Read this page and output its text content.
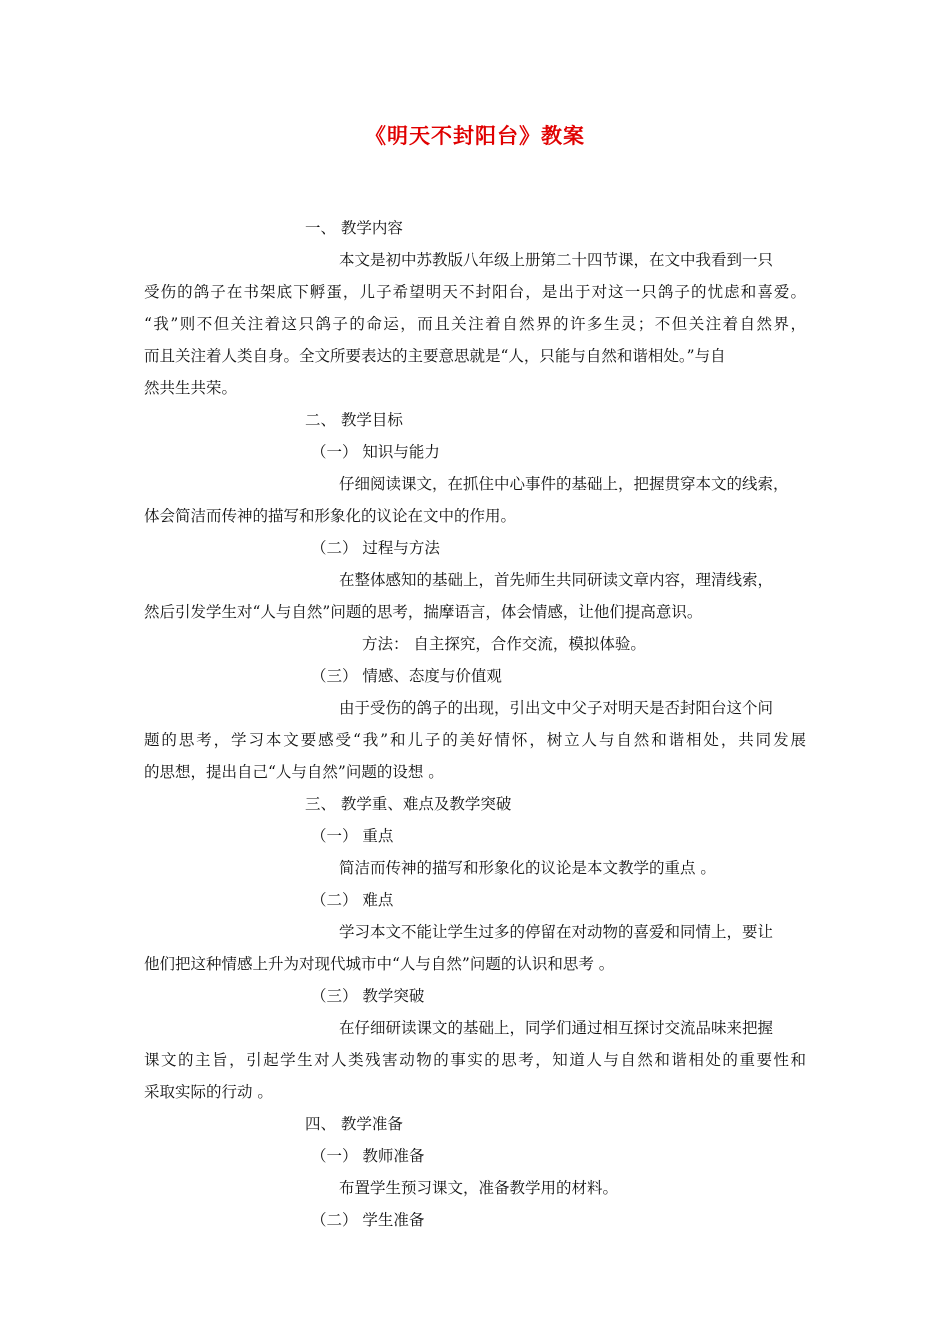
《明天不封阳台》教案
一、 教学内容
本文是初中苏教版八年级上册第二十四节课，在文中我看到一只
受伤的鸽子在书架底下孵蛋，儿子希望明天不封阳台，是出于对这一只鸽子的忧虑和喜爱。
“我”则不但关注着这只鸽子的命运，而且关注着自然界的许多生灵；不但关注着自然界，
而且关注着人类自身。全文所要表达的主要意思就是“人，只能与自然和谐相处。”与自
然共生共荣。
二、 教学目标
（一） 知识与能力
仔细阅读课文，在抓住中心事件的基础上，把握贯穿本文的线索，
体会简洁而传神的描写和形象化的议论在文中的作用。
（二） 过程与方法
在整体感知的基础上，首先师生共同研读文章内容，理清线索，
然后引发学生对“人与自然”问题的思考，揣摩语言，体会情感，让他们提高意识。
方法： 自主探究，合作交流，模拟体验。
（三） 情感、态度与价值观
由于受伤的鸽子的出现，引出文中父子对明天是否封阳台这个问
题的思考，学习本文要感受“我”和儿子的美好情怀，树立人与自然和谐相处，共同发展
的思想，提出自己“人与自然”问题的设想 。
三、 教学重、难点及教学突破
（一） 重点
简洁而传神的描写和形象化的议论是本文教学的重点 。
（二） 难点
学习本文不能让学生过多的停留在对动物的喜爱和同情上，要让
他们把这种情感上升为对现代城市中“人与自然”问题的认识和思考 。
（三） 教学突破
在仔细研读课文的基础上，同学们通过相互探讨交流品味来把握
课文的主旨，引起学生对人类残害动物的事实的思考，知道人与自然和谐相处的重要性和
采取实际的行动 。
四、 教学准备
（一） 教师准备
布置学生预习课文，准备教学用的材料。
（二） 学生准备
